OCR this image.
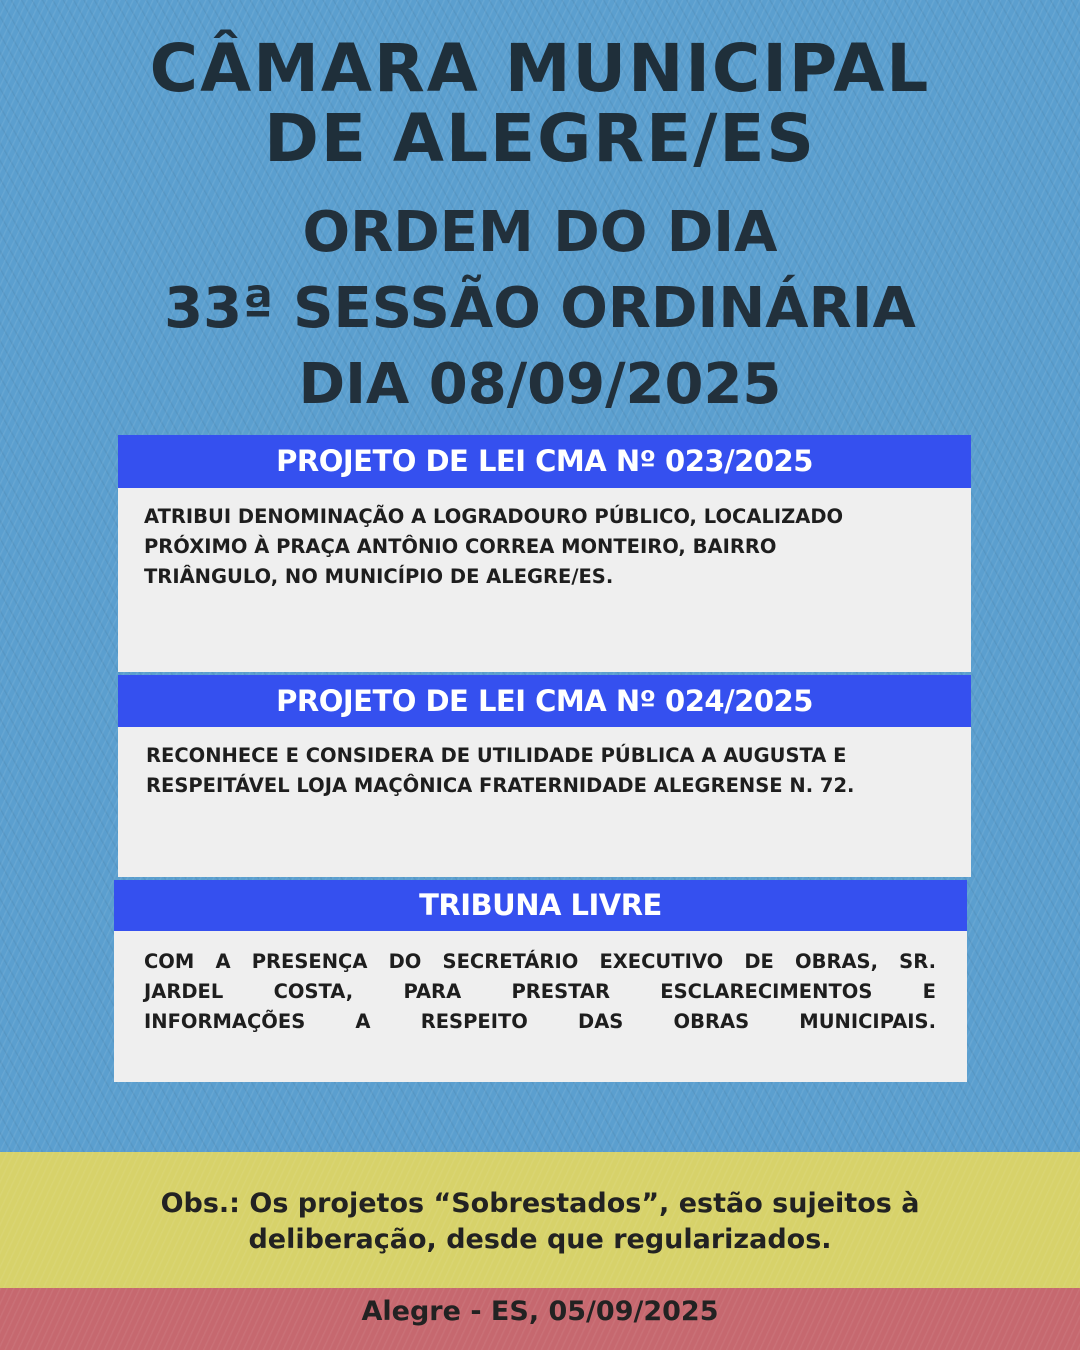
CÂMARA MUNICIPAL
DE ALEGRE/ES
ORDEM DO DIA
33ª SESSÃO ORDINÁRIA
DIA 08/09/2025
PROJETO DE LEI CMA Nº 023/2025
ATRIBUI DENOMINAÇÃO A LOGRADOURO PÚBLICO, LOCALIZADO
PRÓXIMO À PRAÇA ANTÔNIO CORREA MONTEIRO, BAIRRO
TRIÂNGULO, NO MUNICÍPIO DE ALEGRE/ES.
PROJETO DE LEI CMA Nº 024/2025
RECONHECE E CONSIDERA DE UTILIDADE PÚBLICA A AUGUSTA E
RESPEITÁVEL LOJA MAÇÔNICA FRATERNIDADE ALEGRENSE N. 72.
TRIBUNA LIVRE
COM A PRESENÇA DO SECRETÁRIO EXECUTIVO DE OBRAS, SR.
JARDEL COSTA, PARA PRESTAR ESCLARECIMENTOS E
INFORMAÇÕES A RESPEITO DAS OBRAS MUNICIPAIS.
Obs.: Os projetos “Sobrestados”, estão sujeitos à
deliberação, desde que regularizados.
Alegre - ES, 05/09/2025
